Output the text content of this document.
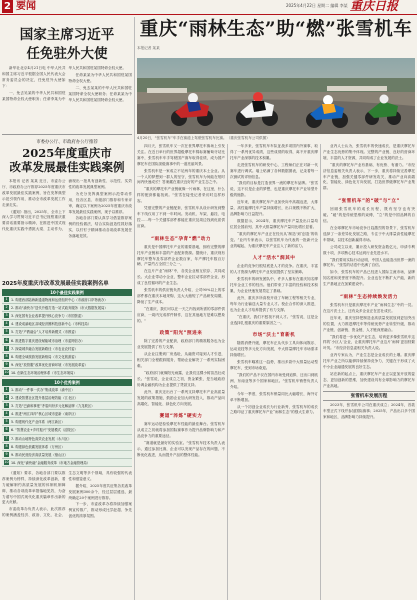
2 要闻	2025年4月22日 星期二 编辑 李某 重庆日报
国家主席习近平
任免驻外大使

新华社北京4月21日电 中华人民共和国主席习近平根据全国人民代表大会常务委员会的决定，任免驻外大使如下：

一、免去吴某的中华人民共和国驻某国特命全权大使职务；任命李某为中华人民共和国驻某国特命全权大使。

任命某某为中华人民共和国驻某国特命全权大使。

二、免去某某的中华人民共和国驻某国特命全权大使职务；任命某某为中华人民共和国驻某国特命全权大使。

市委办公厅、市政府办公厅推荐
2025年度重庆市
改革发展最佳实践案例

本报讯 记者 某某 近日，市委办公厅、市政府办公厅推荐2025年度重庆市改革发展最佳实践案例，旨在发挥典型示范引领作用，推动全市改革发展工作走深走实。

《通知》指出，2025年，全市上下深入学习贯彻习近平总书记视察重庆重要讲话重要指示精神，在推进中国式现代化重庆实践中勇挑大梁、主动作为，涌现出一批具有创新性、示范性、实效性的改革发展典型案例。

为充分发挥典型案例示范带动作用，经各区县、市级部门推荐和专家评审，确定以下案例为2025年度重庆市改革发展最佳实践案例，现予以推荐。

各地各部门要认真学习借鉴推荐案例的经验做法，结合实际创造性抓好落实，以钉钉子精神推动各项改革发展任务落地见效。

2025年度重庆市改革发展最佳实践案例名单
10个最佳实践案例
1	1. 构建西部陆海新通道物流和运营组织中心（市政府口岸物流办）
2	2. 推动“渝快办”迭代升级打造一站式政务服务（市大数据发展局）
3	3. 深化国有企业改革提升核心竞争力（市国资委）
4	4. 建设成渝地区双城经济圈科技创新中心（市科技局）
5	5. 打造“产教融合”人才培养新模式（市教委）
6	6. 推进数字重庆建设赋能城市治理（市委网信办）
7	7. 探索城乡融合发展新路径（市农业农村委）
8	8. 构建全域旅游发展新格局（市文化旅游委）
9	9. 深化“放管服”改革优化营商环境（市发展改革委）
10 10. 创新生态环境治理体系（市生态环境局）
10个优秀案例
1	1. 推动“一件事一次办”集成改革（渝中区）
2	2. 建设智慧社区提升基层治理效能（江北区）
3	3. 打造“巴渝和事佬”矛盾纠纷多元化解品牌（九龙坡区）
4	4. 推进“两江四岸”核心区城市更新（南岸区）
5	5. 构建现代化产业体系（两江新区）
6	6. “智慧农业+乡村振兴”发展模式（涪陵区）
7	7. 推动山地特色高效农业发展（永川区）
8	8. 构建绿色低碳发展体系（万州区）
9	9. 推动民营经济高质量发展（璧山区）
10 10. 深化“渝快融”金融服务改革（市地方金融管理局）

《通知》要求，各地各部门要以推荐案例为榜样，持续深化改革创新，着力破解制约高质量发展的体制机制障碍，推动各项改革举措落地见效，为奋力谱写中国式现代化重庆篇章作出新的更大贡献。

市委改革办负责人表示，此次推荐的案例涵盖经济、政治、文化、社会、生态文明等多个领域，具有较强的代表性和借鉴意义。

据介绍，2025年度共征集各类改革发展案例300余个，经过层层遴选，最终确定20个案例进行推荐。

下一步，市委改革办将持续加强案例宣传推广，推动形成比学赶超、争先创优的浓厚氛围。

重庆“雨林生态”助“燃”张雪机车
本报记者 某某
4月20日，“张雪机车”车手在赛道上驾驶张雪机车比赛。（重庆张雪机车公司供图）

四月天，张雪机车又一次在世界摩托车赛场上引发关注。在近日举行的世界超级摩托车锦标赛葡萄牙站比赛中，张雪机车车手驾驶国产赛车取得佳绩，成为国产摩托车在国际顶级赛事中的一道亮丽风景。

张雪机车是一家成立不足两年的重庆本土企业。从一个人的梦想到一群人的坚守，张雪机车为何能在短时间内快速成长？答案藏在重庆良好的产业生态之中。

“重庆的摩托车产业链就像一片雨林，在这里，什么样的配套都能找到。”张雪在接受记者采访时这样形容。

凭借完整的产业链配套，张雪机车从设计研发到整车下线仅用了不到一年时间。发动机、车架、悬挂、电控……每一个关键零部件都能在重庆及周边找到优质供应商。

“雨林生态”孕育“燃”动力

重庆是中国摩托车产业的重要基地，拥有完整的摩托车产业链和丰富的产业配套资源。据统计，重庆现有摩托车整车及零部件企业数百家，年产摩托车数百万辆，产量约占全国三分之一。

在这片产业“雨林”中，各类企业相互依存、共同成长。大企业带动小企业，整车企业拉动零部件企业，形成了良性循环的产业生态。

张雪机车的供应链负责人介绍，公司90%以上的零部件都在重庆本地采购，这大大缩短了产品研发周期，降低了生产成本。

“在重庆，我们可以在一天之内找到所需的零部件供应商，一周内完成样件制作，这在其他地方是难以想象的。”

政策“阳光”照进来

除了完善的产业配套，政府部门的精准服务也为企业发展提供了有力支撑。

从企业注册到厂房选址，从融资对接到人才引进，相关部门全程跟踪服务，帮助企业解决了一系列实际困难。

“政府部门就像阳光雨露，让我们这棵小树苗茁壮成长。”张雪说，企业成立之初，资金紧张，是当地政府协调金融机构为企业提供了贷款支持。

此外，重庆还出台了一系列支持摩托车产业高质量发展的政策措施，鼓励企业加大研发投入，推动产品向高端化、智能化、绿色化方向发展。

赛道“淬炼”硬实力

赛车运动是检验摩托车性能的最佳舞台。张雪机车从成立之初就将参加国际赛事作为提升品牌影响力和产品竞争力的重要途径。

“赛道就是最好的实验室。”张雪机车技术负责人表示，通过参加比赛，企业可以发现产品存在的问题，不断优化改进，从而提升产品的整体性能。

一年多来，张雪机车车队征战多项国内外赛事，取得了一系列优异成绩，这些成绩的取得，离不开重庆摩托车产业深厚的技术积累。

走进张雪机车的研发中心，工程师们正在对新一代赛车进行调试。墙上贴满了各种数据图表，记录着每一次测试的详细信息。

“我们的目标是打造世界一流的摩托车品牌。”张雪说，这不仅是企业的梦想，也是重庆摩托车产业转型升级的缩影。

近年来，重庆摩托车产业加快向中高端迈进，大排量、高性能摩托车产量持续增长，出口规模不断扩大，品牌影响力日益提升。

数据显示，2024年，重庆摩托车产量及出口量均位居全国前列，其中大排量摩托车产量同比增长显著。

“重庆的摩托车产业正在经历从‘制造’到‘创造’的转变。”业内专家表示，以张雪机车为代表的一批新兴企业的崛起，为重庆摩托车产业注入了新的活力。

人才“活水”润其中

企业的竞争归根结底是人才的竞争。在重庆，丰富的人才资源为摩托车产业发展提供了坚实保障。

张雪机车的研发团队中，许多人都有在重庆知名摩托车企业工作的经历。他们带来了丰富的经验和技术积累，为企业快速发展奠定了基础。

此外，重庆多所高校开设了车辆工程等相关专业，每年为行业输送大量专业人才。校企合作的深入推进，也为企业人才培养提供了有力支撑。

“在重庆，我们不愁找不到人才。”张雪说，这是企业选择扎根重庆的重要原因之一。

市场“沃土”育新机

随着消费升级，摩托车正从代步工具向休闲娱乐、运动竞技等多元化方向发展，中大排量摩托车市场需求持续增长。

张雪机车瞄准这一趋势，推出多款中大排量运动型摩托车，受到市场欢迎。

“我们的产品不仅在国内市场受到追捧，还出口到欧洲、东南亚等多个国家和地区。”张雪机车销售负责人介绍。

今年一季度，张雪机车销量同比大幅增长，海外订单不断增加。

从一个初创企业成长为行业新秀，张雪机车的成长之路印证了重庆摩托车产业“雨林生态”的强大生命力。

业内人士认为，张雪机车的快速成长，是重庆摩托车产业生态优势的集中体现。完整的产业链、良好的营商环境、丰富的人才资源，共同构成了企业发展的沃土。

“重庆的摩托车产业有基础、有优势、有潜力。”市经济信息委相关负责人表示，下一步，重庆将持续完善摩托车产业链，加强关键零部件研发攻关，推动产业向高端化、智能化、绿色化方向发展，打造世界级摩托车产业集群。

“张雪机车”的“破”与“立”

回顾张雪机车的成长历程，既有坚守也有突破。“破”的是传统思维的束缚，“立”的是中国品牌的自信。

在全球摩托车市场竞争日趋激烈的背景下，张雪机车选择了一条差异化发展之路，专注于中大排量高性能摩托车领域，以技术创新赢得市场。

公司成立以来，累计投入研发资金数亿元，申请专利数十项，多项核心技术达到行业先进水平。

“我们要用实际行动证明，中国人也能造出世界一流的摩托车。”张雪的话语中充满了自信。

如今，张雪机车的产品已经进入国际主流市场，品牌知名度和美誉度不断提升。企业也在不断扩大产能，新的生产基地正在加紧建设中。

“雨林”生态持续焕发活力

张雪机车只是重庆摩托车产业“雨林生态”中的一员。在这片沃土上，还有众多企业正在茁壮成长。

近年来，重庆坚持把制造业高质量发展放到更加突出的位置，大力推进摩托车等传统优势产业转型升级，推动产业链、创新链、资金链、人才链深度融合。

“我们将进一步优化产业生态，培育更多像张雪机车这样的‘小巨人’企业，让重庆摩托车产业这片‘雨林’更加枝繁叶茂。”市经济信息委相关负责人说。

业内专家认为，产业生态是企业成长的土壤。重庆摩托车产业之所以能够持续保持竞争力，关键在于形成了大中小企业融通发展的良好生态。

站在新的起点上，重庆摩托车产业正以更加开放的姿态、更加创新的思维，加快建设具有全球影响力的摩托车产业高地。

张雪机车发展历程

2023年，张雪机车公司在重庆成立；2024年，首款车型正式下线并参加国际赛事；2025年，产品出口多个国家和地区，品牌影响力持续提升。
